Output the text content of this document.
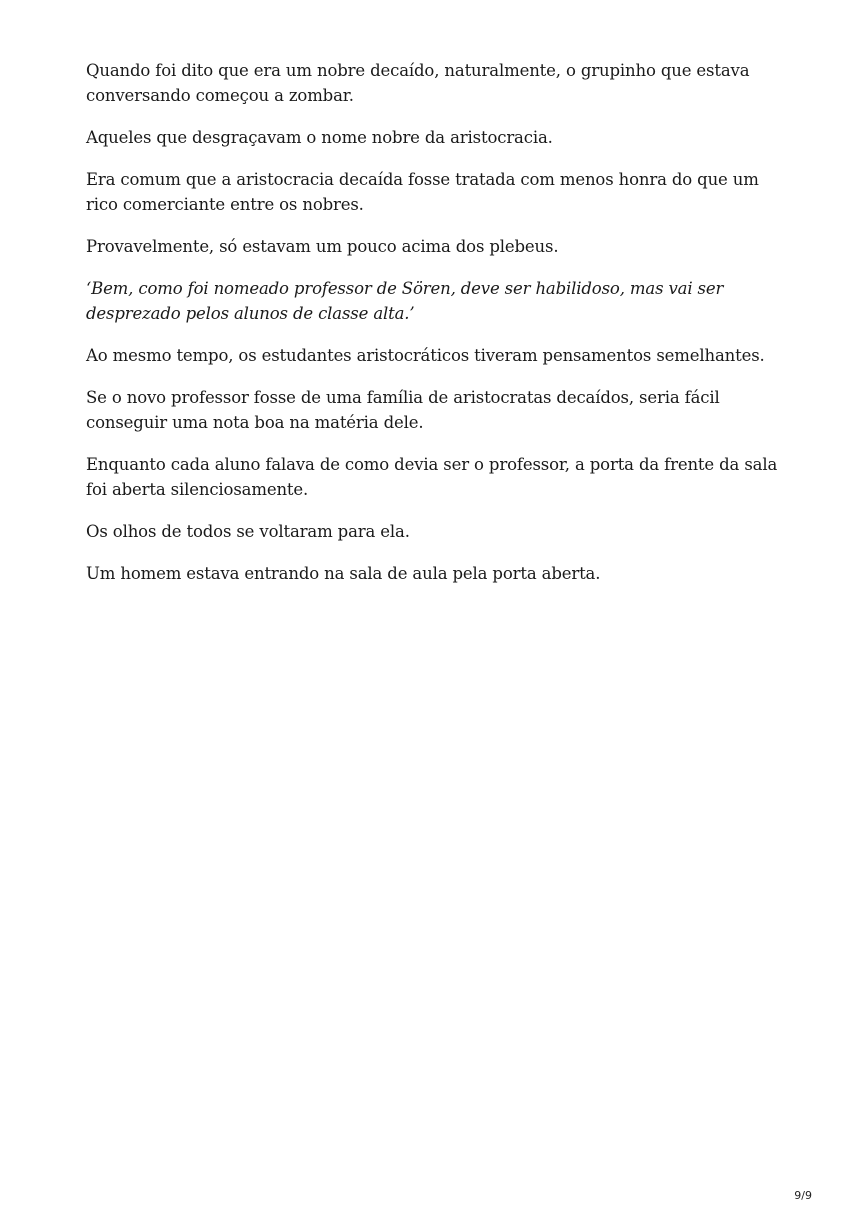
Quando foi dito que era um nobre decaído, naturalmente, o grupinho que estava conversando começou a zombar.

Aqueles que desgraçavam o nome nobre da aristocracia.

Era comum que a aristocracia decaída fosse tratada com menos honra do que um rico comerciante entre os nobres.

Provavelmente, só estavam um pouco acima dos plebeus.

‘Bem, como foi nomeado professor de Sören, deve ser habilidoso, mas vai ser desprezado pelos alunos de classe alta.’

Ao mesmo tempo, os estudantes aristocráticos tiveram pensamentos semelhantes.

Se o novo professor fosse de uma família de aristocratas decaídos, seria fácil conseguir uma nota boa na matéria dele.

Enquanto cada aluno falava de como devia ser o professor, a porta da frente da sala foi aberta silenciosamente.

Os olhos de todos se voltaram para ela.

Um homem estava entrando na sala de aula pela porta aberta.

9/9
